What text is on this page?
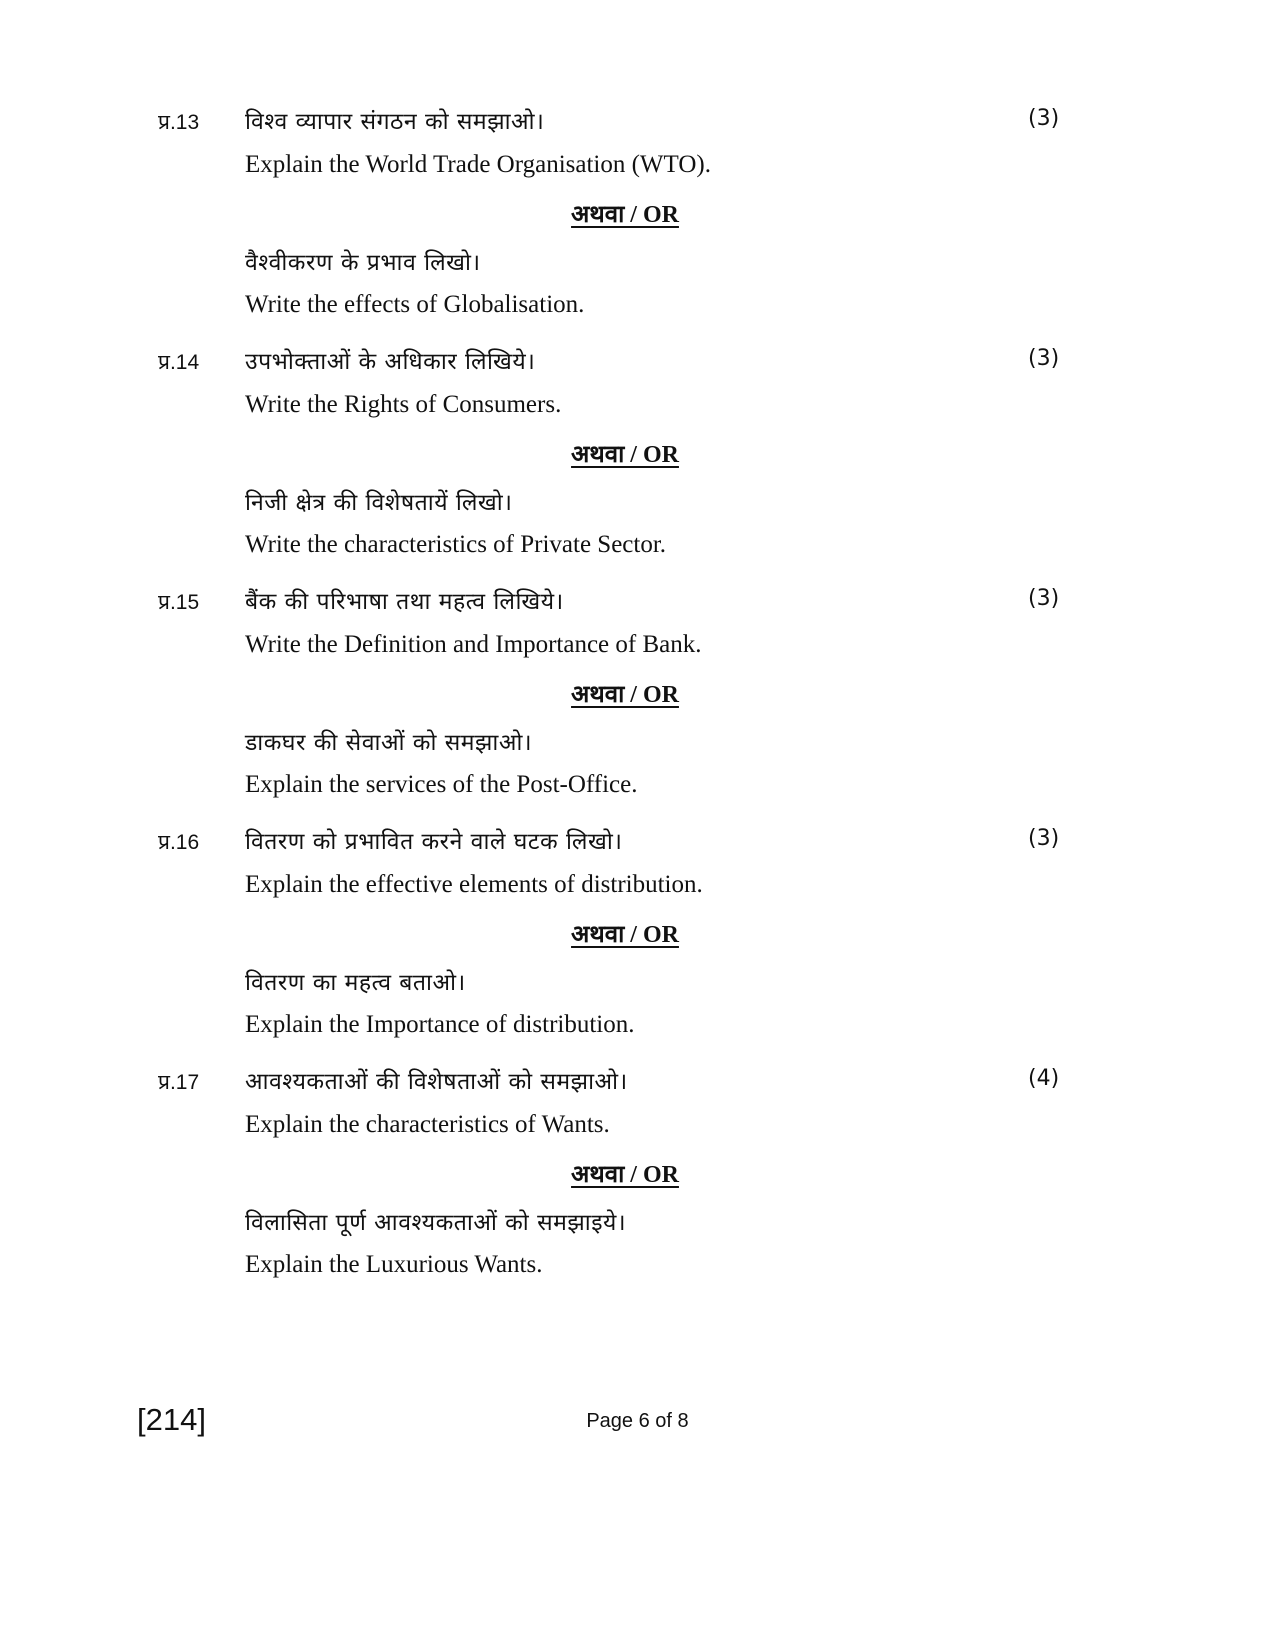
प्र.13 विश्व व्यापार संगठन को समझाओ।	(3)
Explain the World Trade Organisation (WTO).
अथवा / OR
वैश्वीकरण के प्रभाव लिखो।
Write the effects of Globalisation.
प्र.14 उपभोक्ताओं के अधिकार लिखिये।	(3)
Write the Rights of Consumers.
अथवा / OR
निजी क्षेत्र की विशेषतायें लिखो।
Write the characteristics of Private Sector.
प्र.15 बैंक की परिभाषा तथा महत्व लिखिये।	(3)
Write the Definition and Importance of Bank.
अथवा / OR
डाकघर की सेवाओं को समझाओ।
Explain the services of the Post-Office.
प्र.16 वितरण को प्रभावित करने वाले घटक लिखो।	(3)
Explain the effective elements of distribution.
अथवा / OR
वितरण का महत्व बताओ।
Explain the Importance of distribution.
प्र.17 आवश्यकताओं की विशेषताओं को समझाओ।	(4)
Explain the characteristics of Wants.
अथवा / OR
विलासिता पूर्ण आवश्यकताओं को समझाइये।
Explain the Luxurious Wants.
[214]	Page 6 of 8
